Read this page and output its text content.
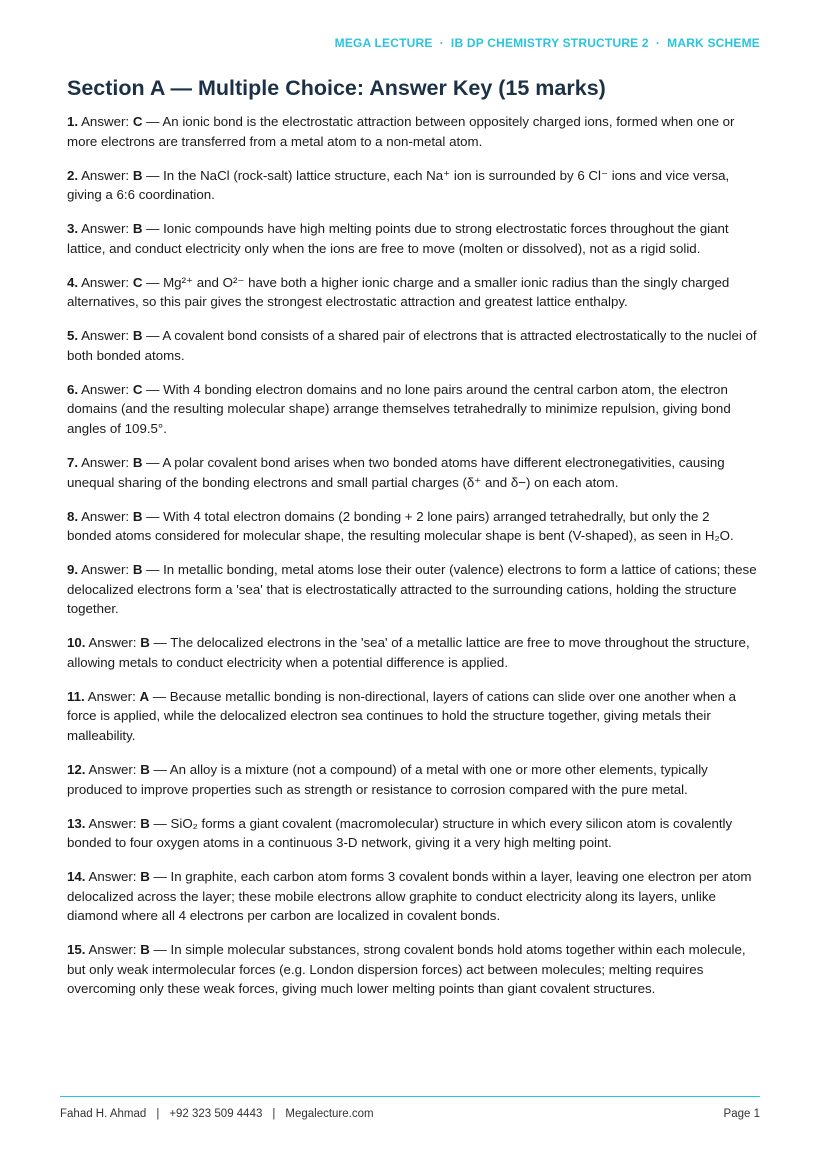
MEGA LECTURE  ·  IB DP CHEMISTRY STRUCTURE 2  ·  MARK SCHEME
Section A — Multiple Choice: Answer Key (15 marks)

1. Answer: C — An ionic bond is the electrostatic attraction between oppositely charged ions, formed when one or more electrons are transferred from a metal atom to a non-metal atom.

2. Answer: B — In the NaCl (rock-salt) lattice structure, each Na⁺ ion is surrounded by 6 Cl⁻ ions and vice versa, giving a 6:6 coordination.

3. Answer: B — Ionic compounds have high melting points due to strong electrostatic forces throughout the giant lattice, and conduct electricity only when the ions are free to move (molten or dissolved), not as a rigid solid.

4. Answer: C — Mg²⁺ and O²⁻ have both a higher ionic charge and a smaller ionic radius than the singly charged alternatives, so this pair gives the strongest electrostatic attraction and greatest lattice enthalpy.

5. Answer: B — A covalent bond consists of a shared pair of electrons that is attracted electrostatically to the nuclei of both bonded atoms.

6. Answer: C — With 4 bonding electron domains and no lone pairs around the central carbon atom, the electron domains (and the resulting molecular shape) arrange themselves tetrahedrally to minimize repulsion, giving bond angles of 109.5°.

7. Answer: B — A polar covalent bond arises when two bonded atoms have different electronegativities, causing unequal sharing of the bonding electrons and small partial charges (δ⁺ and δ−) on each atom.

8. Answer: B — With 4 total electron domains (2 bonding + 2 lone pairs) arranged tetrahedrally, but only the 2 bonded atoms considered for molecular shape, the resulting molecular shape is bent (V-shaped), as seen in H₂O.

9. Answer: B — In metallic bonding, metal atoms lose their outer (valence) electrons to form a lattice of cations; these delocalized electrons form a 'sea' that is electrostatically attracted to the surrounding cations, holding the structure together.

10. Answer: B — The delocalized electrons in the 'sea' of a metallic lattice are free to move throughout the structure, allowing metals to conduct electricity when a potential difference is applied.

11. Answer: A — Because metallic bonding is non-directional, layers of cations can slide over one another when a force is applied, while the delocalized electron sea continues to hold the structure together, giving metals their malleability.

12. Answer: B — An alloy is a mixture (not a compound) of a metal with one or more other elements, typically produced to improve properties such as strength or resistance to corrosion compared with the pure metal.

13. Answer: B — SiO₂ forms a giant covalent (macromolecular) structure in which every silicon atom is covalently bonded to four oxygen atoms in a continuous 3-D network, giving it a very high melting point.

14. Answer: B — In graphite, each carbon atom forms 3 covalent bonds within a layer, leaving one electron per atom delocalized across the layer; these mobile electrons allow graphite to conduct electricity along its layers, unlike diamond where all 4 electrons per carbon are localized in covalent bonds.

15. Answer: B — In simple molecular substances, strong covalent bonds hold atoms together within each molecule, but only weak intermolecular forces (e.g. London dispersion forces) act between molecules; melting requires overcoming only these weak forces, giving much lower melting points than giant covalent structures.

Fahad H. Ahmad | +92 323 509 4443 | Megalecture.com	Page 1
